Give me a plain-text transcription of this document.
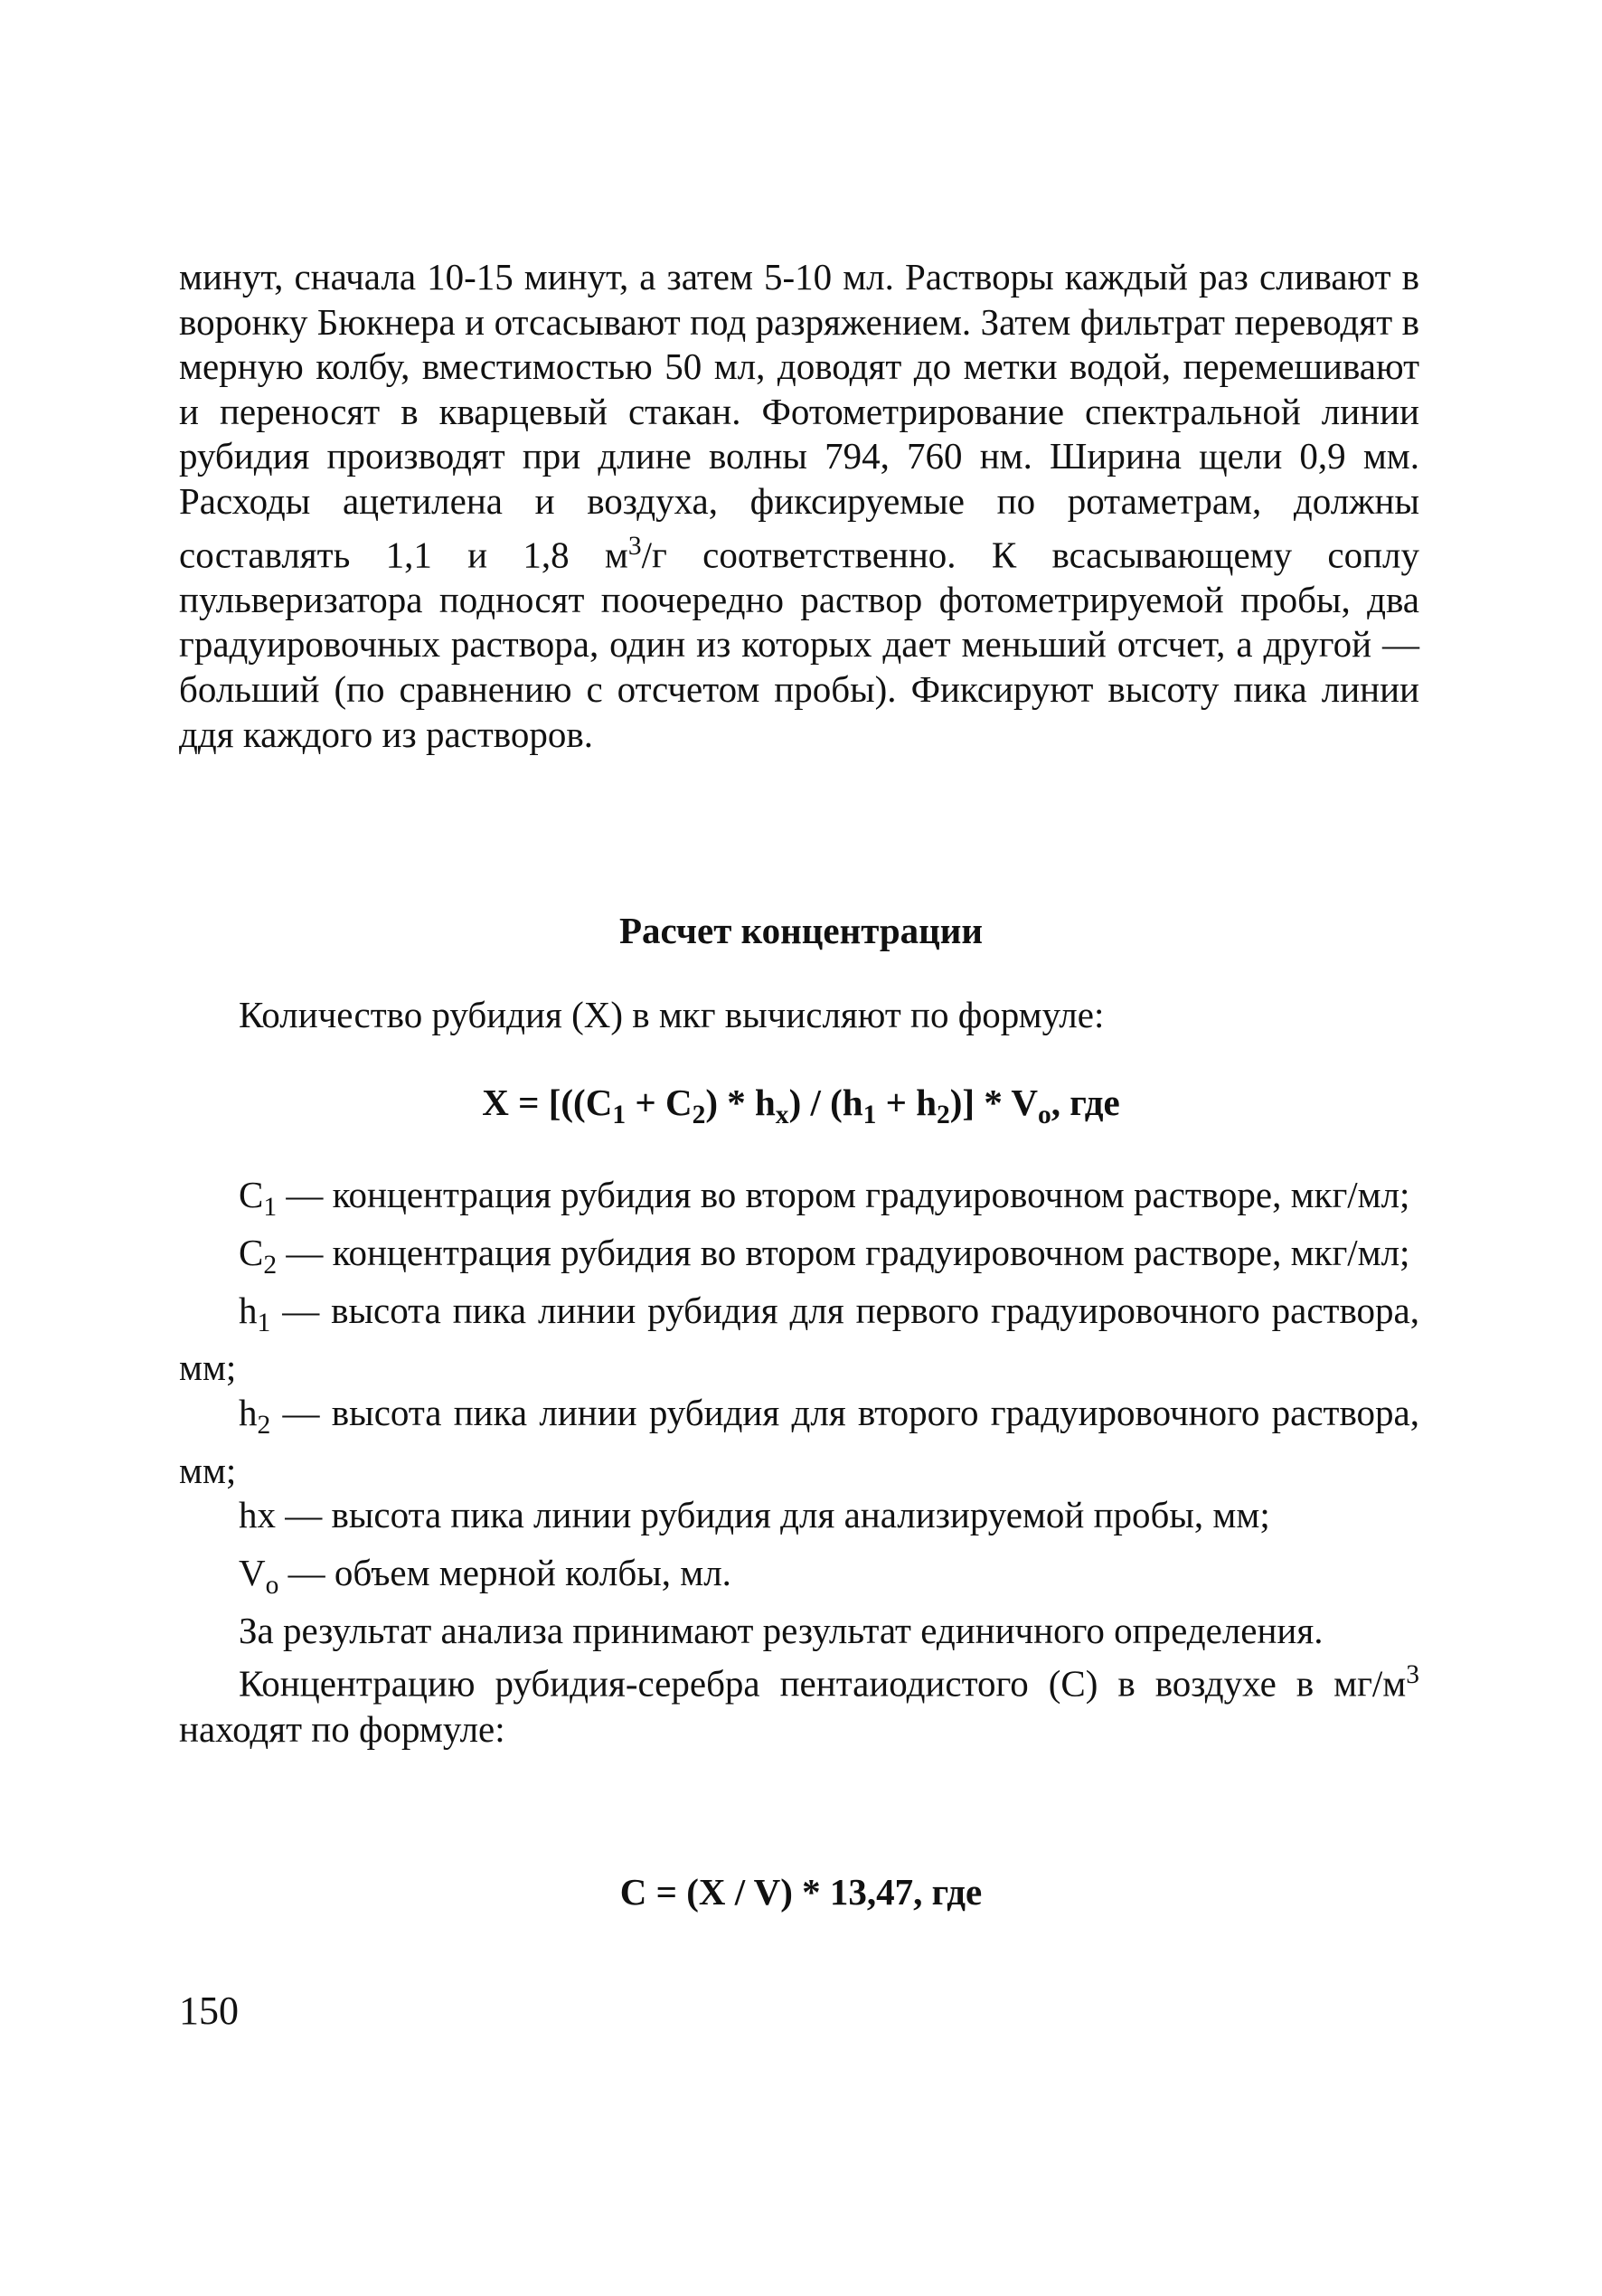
минут, сначала 10-15 минут, а затем 5-10 мл. Растворы каждый раз сливают в воронку Бюкнера и отсасывают под разряжением. Затем фильтрат переводят в мерную колбу, вместимостью 50 мл, доводят до метки водой, перемешивают и переносят в кварцевый стакан. Фотометрирование спектральной линии рубидия производят при длине волны 794, 760 нм. Ширина щели 0,9 мм. Расходы ацетилена и воздуха, фиксируемые по ротаметрам, должны составлять 1,1 и 1,8 $м^3/г$ соответственно. К всасывающему соплу пульверизатора подносят поочередно раствор фотометрируемой пробы, два градуировочных раствора, один из которых дает меньший отсчет, а другой — больший (по сравнению с отсчетом пробы). Фиксируют высоту пика линии ддя каждого из растворов.

Расчет концентрации

Количество рубидия (X) в мкг вычисляют по формуле:

$X = [((C_1 + C_2) * h_x) / (h_1 + h_2)] * V_o$, где

$C_1$ — концентрация рубидия во втором градуировочном растворе, мкг/мл;

$C_2$ — концентрация рубидия во втором градуировочном растворе, мкг/мл;

$h_1$ — высота пика линии рубидия для первого градуировочного раствора, мм;

$h_2$ — высота пика линии рубидия для второго градуировочного раствора, мм;

hx — высота пика линии рубидия для анализируемой пробы, мм;

$V_o$ — объем мерной колбы, мл.

За результат анализа принимают результат единичного определения.

Концентрацию рубидия-серебра пентаиодистого (С) в воздухе в $мг/м^3$ находят по формуле:

C = (X / V) * 13,47, где
150
